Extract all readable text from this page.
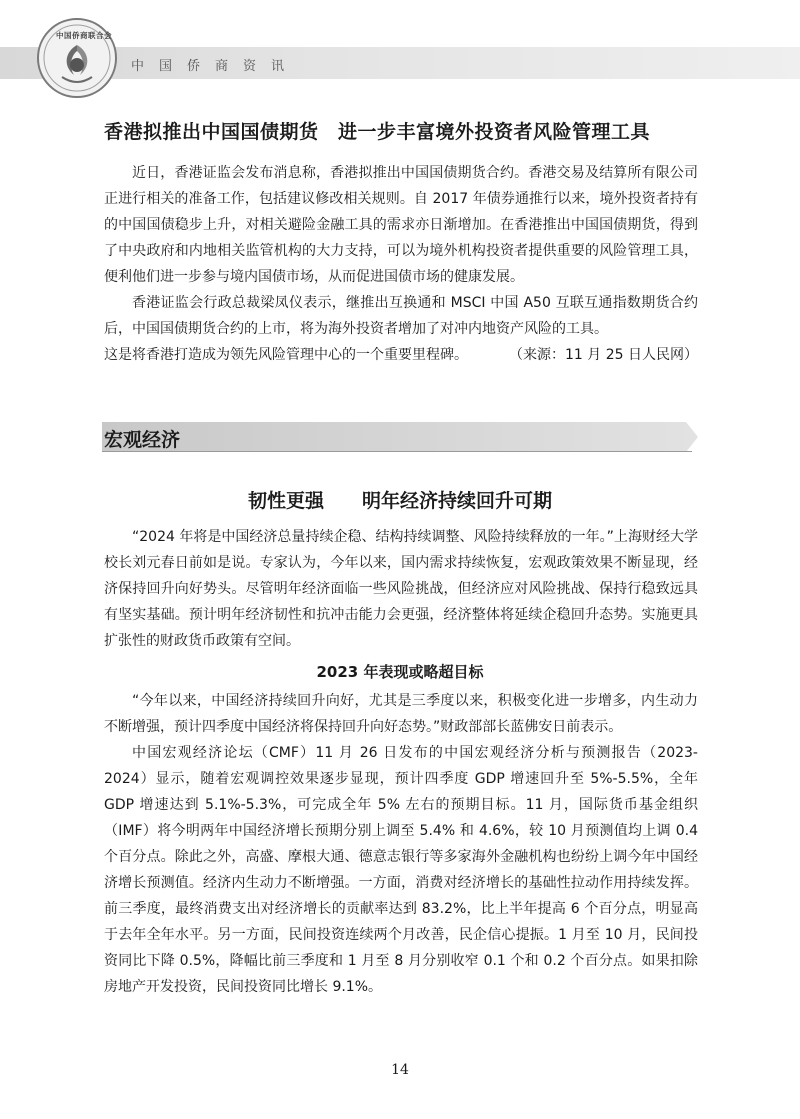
中国侨商联合会
中国侨商资讯
香港拟推出中国国债期货　进一步丰富境外投资者风险管理工具

近日，香港证监会发布消息称，香港拟推出中国国债期货合约。香港交易及结算所有限公司正进行相关的准备工作，包括建议修改相关规则。自 2017 年债券通推行以来，境外投资者持有的中国国债稳步上升，对相关避险金融工具的需求亦日渐增加。在香港推出中国国债期货，得到了中央政府和内地相关监管机构的大力支持，可以为境外机构投资者提供重要的风险管理工具，便利他们进一步参与境内国债市场，从而促进国债市场的健康发展。

香港证监会行政总裁梁凤仪表示，继推出互换通和 MSCI 中国 A50 互联互通指数期货合约后，中国国债期货合约的上市，将为海外投资者增加了对冲内地资产风险的工具。

这是将香港打造成为领先风险管理中心的一个重要里程碑。	（来源：11 月 25 日人民网）
宏观经济
韧性更强　　明年经济持续回升可期

“2024 年将是中国经济总量持续企稳、结构持续调整、风险持续释放的一年。”上海财经大学校长刘元春日前如是说。专家认为，今年以来，国内需求持续恢复，宏观政策效果不断显现，经济保持回升向好势头。尽管明年经济面临一些风险挑战，但经济应对风险挑战、保持行稳致远具有坚实基础。预计明年经济韧性和抗冲击能力会更强，经济整体将延续企稳回升态势。实施更具扩张性的财政货币政策有空间。

2023 年表现或略超目标

“今年以来，中国经济持续回升向好，尤其是三季度以来，积极变化进一步增多，内生动力不断增强，预计四季度中国经济将保持回升向好态势。”财政部部长蓝佛安日前表示。

中国宏观经济论坛（CMF）11 月 26 日发布的中国宏观经济分析与预测报告（2023-2024）显示，随着宏观调控效果逐步显现，预计四季度 GDP 增速回升至 5%-5.5%，全年 GDP 增速达到 5.1%-5.3%，可完成全年 5% 左右的预期目标。11 月，国际货币基金组织（IMF）将今明两年中国经济增长预期分别上调至 5.4% 和 4.6%，较 10 月预测值均上调 0.4 个百分点。除此之外，高盛、摩根大通、德意志银行等多家海外金融机构也纷纷上调今年中国经济增长预测值。经济内生动力不断增强。一方面，消费对经济增长的基础性拉动作用持续发挥。前三季度，最终消费支出对经济增长的贡献率达到 83.2%，比上半年提高 6 个百分点，明显高于去年全年水平。另一方面，民间投资连续两个月改善，民企信心提振。1 月至 10 月，民间投资同比下降 0.5%，降幅比前三季度和 1 月至 8 月分别收窄 0.1 个和 0.2 个百分点。如果扣除房地产开发投资，民间投资同比增长 9.1%。

14
